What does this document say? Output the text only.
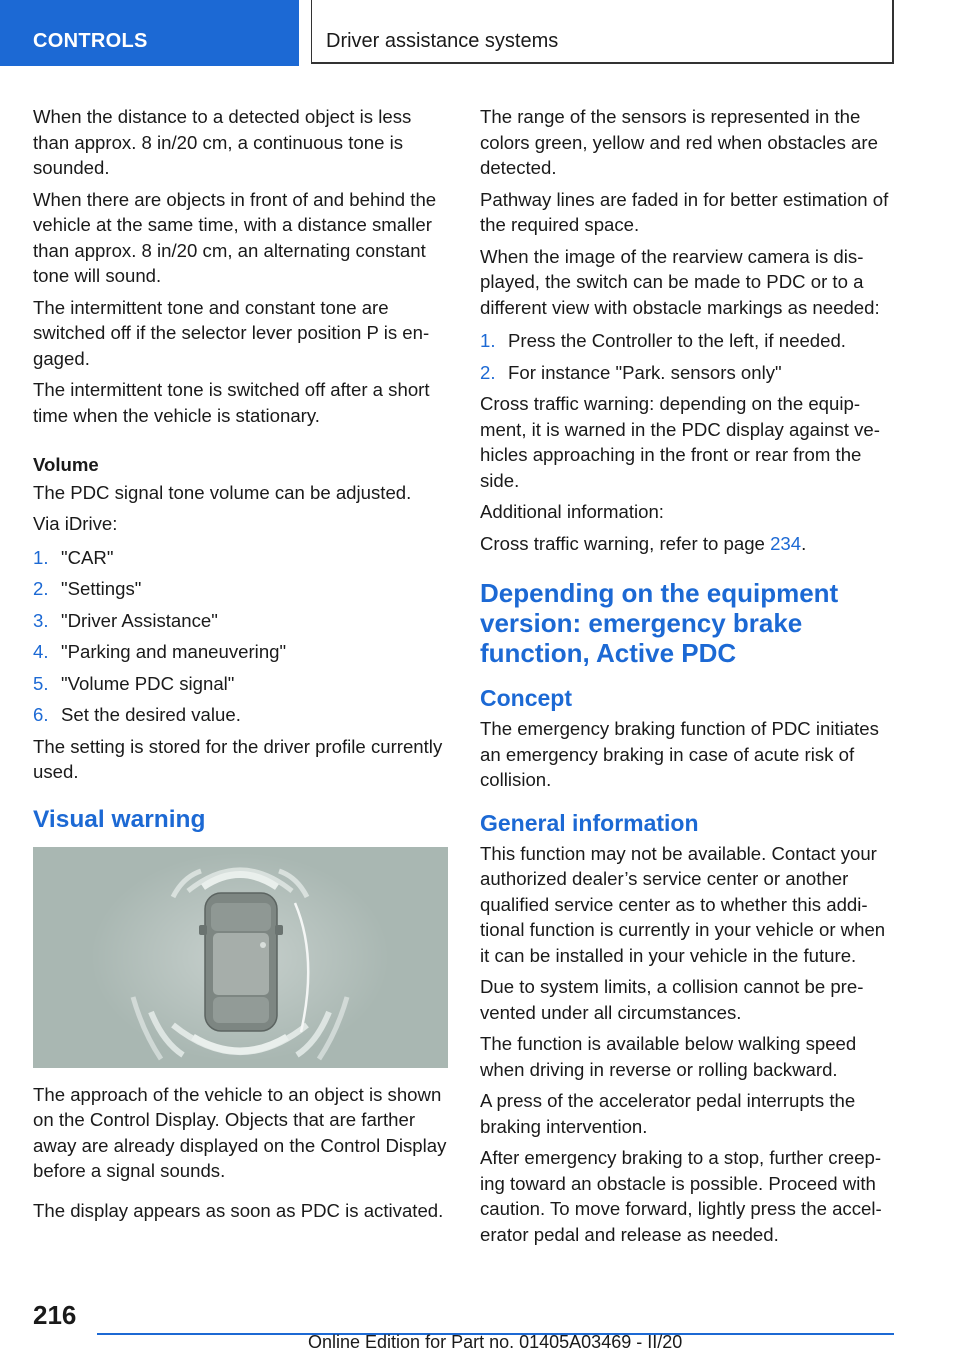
CONTROLS	Driver assistance systems

When the distance to a detected object is less than approx. 8 in/20 cm, a continuous tone is sounded.

When there are objects in front of and behind the vehicle at the same time, with a distance smaller than approx. 8 in/20 cm, an alternating constant tone will sound.

The intermittent tone and constant tone are switched off if the selector lever position P is engaged.

The intermittent tone is switched off after a short time when the vehicle is stationary.

Volume

The PDC signal tone volume can be adjusted.

Via iDrive:

1. "CAR"
2. "Settings"
3. "Driver Assistance"
4. "Parking and maneuvering"
5. "Volume PDC signal"
6. Set the desired value.

The setting is stored for the driver profile currently used.

Visual warning

The approach of the vehicle to an object is shown on the Control Display. Objects that are farther away are already displayed on the Control Display before a signal sounds.

The display appears as soon as PDC is activated.

The range of the sensors is represented in the colors green, yellow and red when obstacles are detected.

Pathway lines are faded in for better estimation of the required space.

When the image of the rearview camera is displayed, the switch can be made to PDC or to a different view with obstacle markings as needed:

1. Press the Controller to the left, if needed.
2. For instance "Park. sensors only"

Cross traffic warning: depending on the equipment, it is warned in the PDC display against vehicles approaching in the front or rear from the side.

Additional information:

Cross traffic warning, refer to page 234.

Depending on the equipment version: emergency brake function, Active PDC
Concept

The emergency braking function of PDC initiates an emergency braking in case of acute risk of collision.

General information

This function may not be available. Contact your authorized dealer’s service center or another qualified service center as to whether this additional function is currently in your vehicle or when it can be installed in your vehicle in the future.

Due to system limits, a collision cannot be prevented under all circumstances.

The function is available below walking speed when driving in reverse or rolling backward.

A press of the accelerator pedal interrupts the braking intervention.

After emergency braking to a stop, further creeping toward an obstacle is possible. Proceed with caution. To move forward, lightly press the accelerator pedal and release as needed.

216
Online Edition for Part no. 01405A03469 - II/20
